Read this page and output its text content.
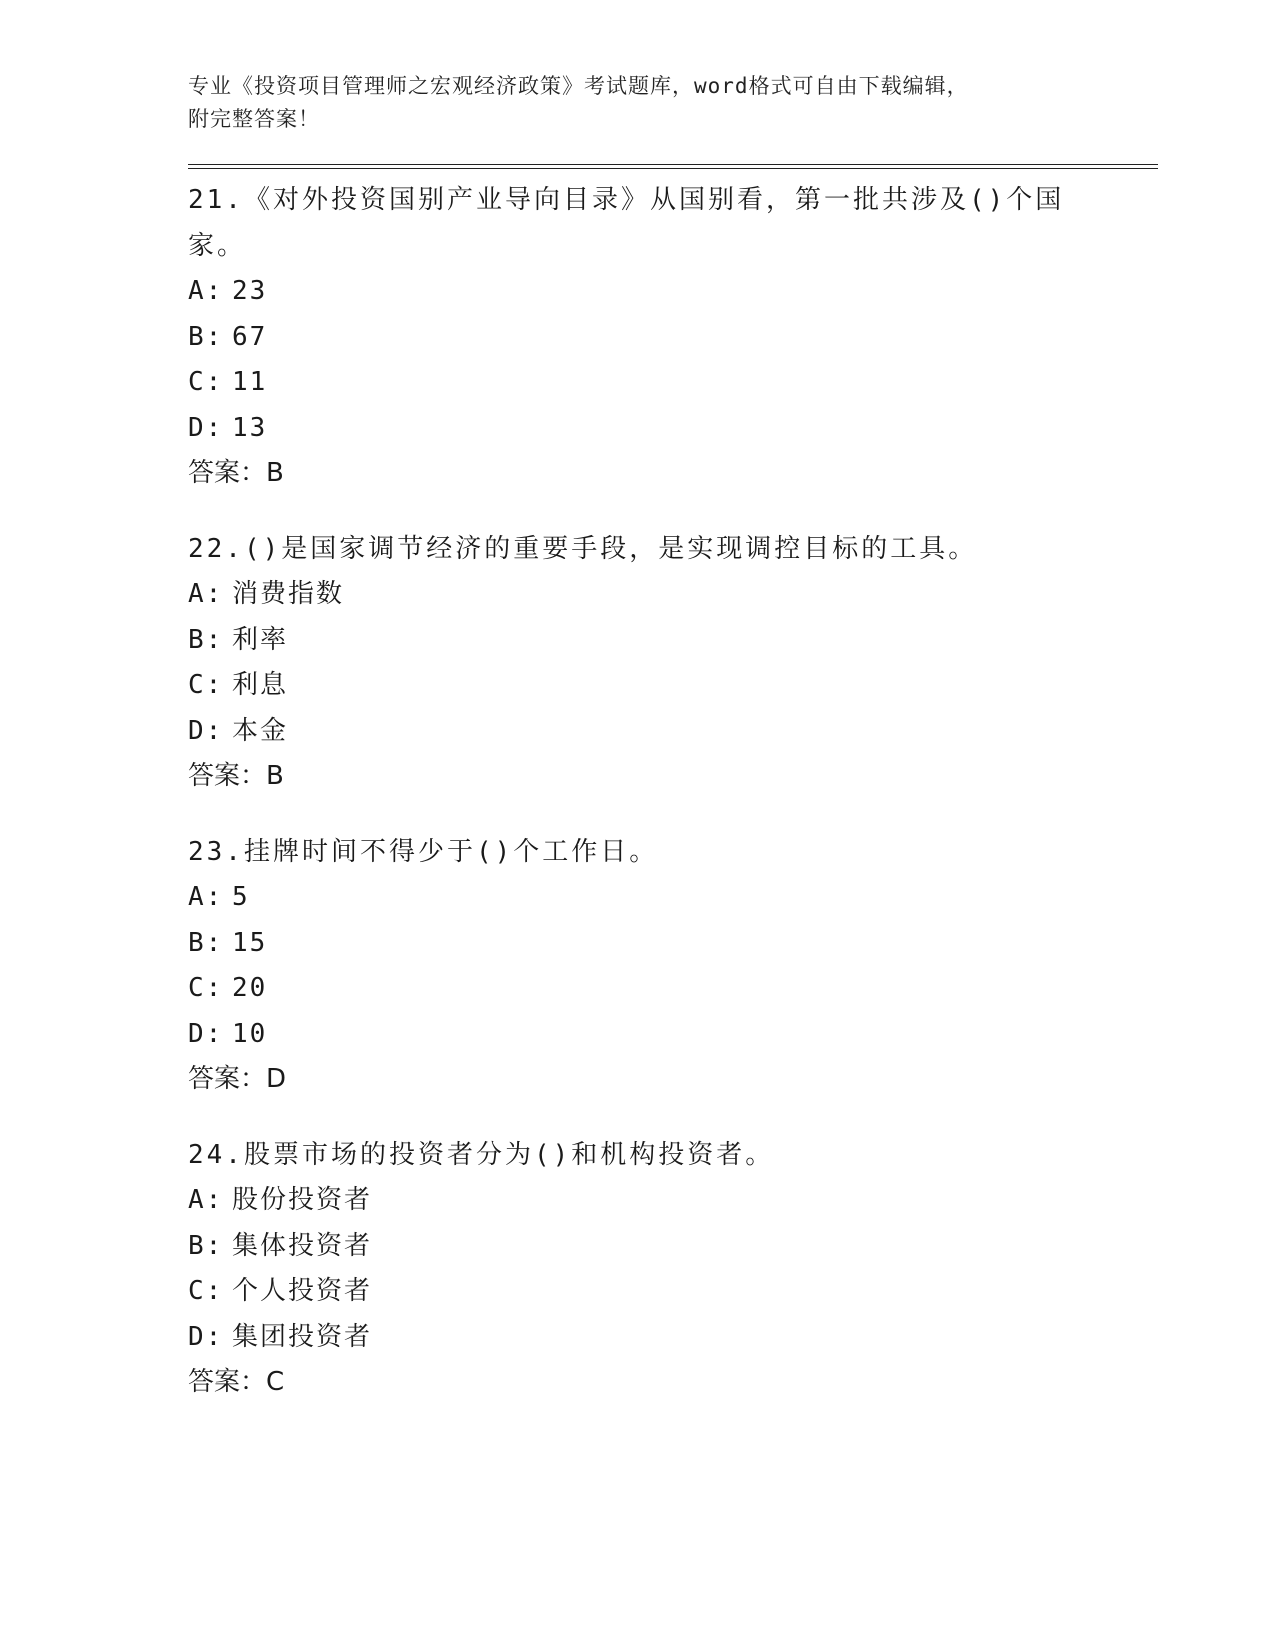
专业《投资项目管理师之宏观经济政策》考试题库，word格式可自由下载编辑，
附完整答案！
21.《对外投资国别产业导向目录》从国别看，第一批共涉及()个国家。
A: 23
B: 67
C: 11
D: 13
答案：B
22.()是国家调节经济的重要手段，是实现调控目标的工具。
A: 消费指数
B: 利率
C: 利息
D: 本金
答案：B
23.挂牌时间不得少于()个工作日。
A: 5
B: 15
C: 20
D: 10
答案：D
24.股票市场的投资者分为()和机构投资者。
A: 股份投资者
B: 集体投资者
C: 个人投资者
D: 集团投资者
答案：C
